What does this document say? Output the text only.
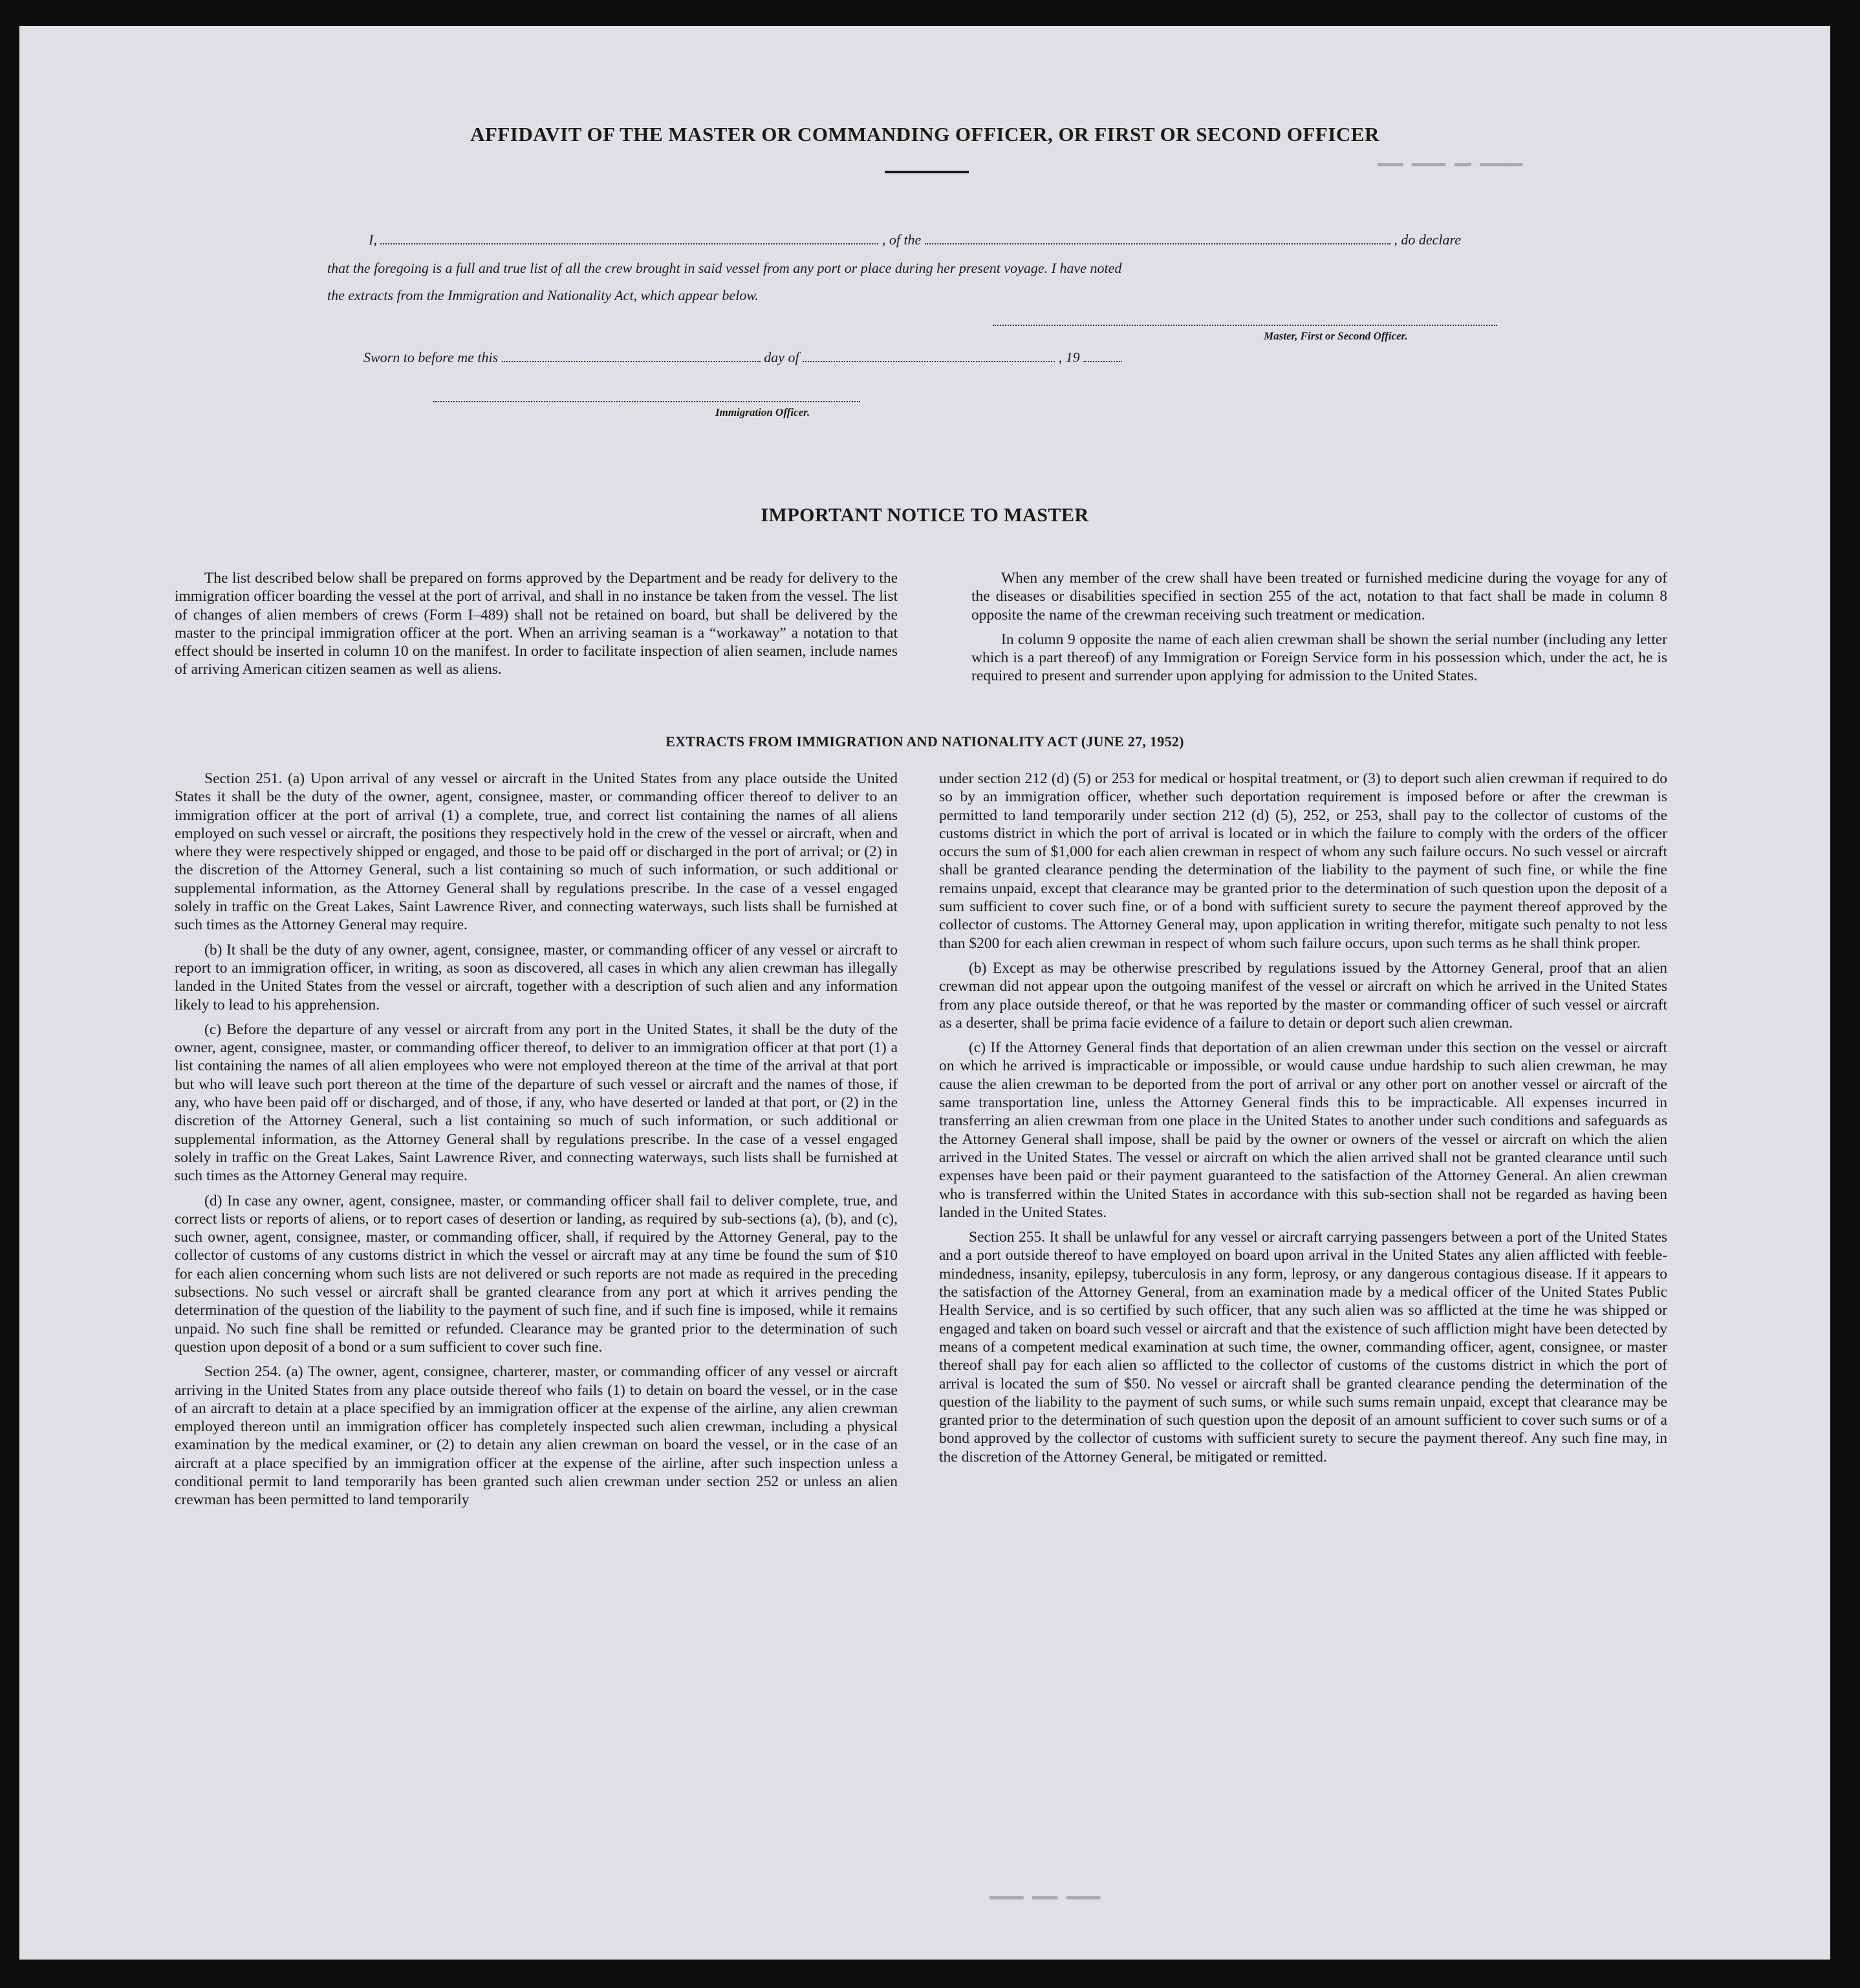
▬▬▬ ▬▬▬▬ ▬▬ ▬▬▬▬▬
▬▬▬▬ ▬▬▬ ▬▬▬▬
AFFIDAVIT OF THE MASTER OR COMMANDING OFFICER, OR FIRST OR SECOND OFFICER
I,	, of the	, do declare
that the foregoing is a full and true list of all the crew brought in said vessel from any port or place during her present voyage. I have noted
the extracts from the Immigration and Nationality Act, which appear below.
Master, First or Second Officer.
Sworn to before me this	day of	, 19
Immigration Officer.
IMPORTANT NOTICE TO MASTER

The list described below shall be prepared on forms approved by the Department and be ready for delivery to the immigration officer boarding the vessel at the port of arrival, and shall in no instance be taken from the vessel. The list of changes of alien members of crews (Form I–489) shall not be retained on board, but shall be delivered by the master to the principal immigration officer at the port. When an arriving seaman is a “workaway” a notation to that effect should be inserted in column 10 on the manifest. In order to facilitate inspection of alien seamen, include names of arriving American citizen seamen as well as aliens.

When any member of the crew shall have been treated or furnished medicine during the voyage for any of the diseases or disabilities specified in section 255 of the act, notation to that fact shall be made in column 8 opposite the name of the crewman receiving such treatment or medication.

In column 9 opposite the name of each alien crewman shall be shown the serial number (including any letter which is a part thereof) of any Immigration or Foreign Service form in his possession which, under the act, he is required to present and surrender upon applying for admission to the United States.

EXTRACTS FROM IMMIGRATION AND NATIONALITY ACT (JUNE 27, 1952)

Section 251. (a) Upon arrival of any vessel or aircraft in the United States from any place outside the United States it shall be the duty of the owner, agent, consignee, master, or commanding officer thereof to deliver to an immigration officer at the port of arrival (1) a complete, true, and correct list containing the names of all aliens employed on such vessel or aircraft, the positions they respectively hold in the crew of the vessel or aircraft, when and where they were respectively shipped or engaged, and those to be paid off or discharged in the port of arrival; or (2) in the discretion of the Attorney General, such a list containing so much of such information, or such additional or supplemental information, as the Attorney General shall by regulations prescribe. In the case of a vessel engaged solely in traffic on the Great Lakes, Saint Lawrence River, and connecting waterways, such lists shall be furnished at such times as the Attorney General may require.

(b) It shall be the duty of any owner, agent, consignee, master, or commanding officer of any vessel or aircraft to report to an immigration officer, in writing, as soon as discovered, all cases in which any alien crewman has illegally landed in the United States from the vessel or aircraft, together with a description of such alien and any information likely to lead to his apprehension.

(c) Before the departure of any vessel or aircraft from any port in the United States, it shall be the duty of the owner, agent, consignee, master, or commanding officer thereof, to deliver to an immigration officer at that port (1) a list containing the names of all alien employees who were not employed thereon at the time of the arrival at that port but who will leave such port thereon at the time of the departure of such vessel or aircraft and the names of those, if any, who have been paid off or discharged, and of those, if any, who have deserted or landed at that port, or (2) in the discretion of the Attorney General, such a list containing so much of such information, or such additional or supplemental information, as the Attorney General shall by regulations prescribe. In the case of a vessel engaged solely in traffic on the Great Lakes, Saint Lawrence River, and connecting waterways, such lists shall be furnished at such times as the Attorney General may require.

(d) In case any owner, agent, consignee, master, or commanding officer shall fail to deliver complete, true, and correct lists or reports of aliens, or to report cases of desertion or landing, as required by sub-sections (a), (b), and (c), such owner, agent, consignee, master, or commanding officer, shall, if required by the Attorney General, pay to the collector of customs of any customs district in which the vessel or aircraft may at any time be found the sum of $10 for each alien concerning whom such lists are not delivered or such reports are not made as required in the preceding subsections. No such vessel or aircraft shall be granted clearance from any port at which it arrives pending the determination of the question of the liability to the payment of such fine, and if such fine is imposed, while it remains unpaid. No such fine shall be remitted or refunded. Clearance may be granted prior to the determination of such question upon deposit of a bond or a sum sufficient to cover such fine.

Section 254. (a) The owner, agent, consignee, charterer, master, or commanding officer of any vessel or aircraft arriving in the United States from any place outside thereof who fails (1) to detain on board the vessel, or in the case of an aircraft to detain at a place specified by an immigration officer at the expense of the airline, any alien crewman employed thereon until an immigration officer has completely inspected such alien crewman, including a physical examination by the medical examiner, or (2) to detain any alien crewman on board the vessel, or in the case of an aircraft at a place specified by an immigration officer at the expense of the airline, after such inspection unless a conditional permit to land temporarily has been granted such alien crewman under section 252 or unless an alien crewman has been permitted to land temporarily

under section 212 (d) (5) or 253 for medical or hospital treatment, or (3) to deport such alien crewman if required to do so by an immigration officer, whether such deportation requirement is imposed before or after the crewman is permitted to land temporarily under section 212 (d) (5), 252, or 253, shall pay to the collector of customs of the customs district in which the port of arrival is located or in which the failure to comply with the orders of the officer occurs the sum of $1,000 for each alien crewman in respect of whom any such failure occurs. No such vessel or aircraft shall be granted clearance pending the determination of the liability to the payment of such fine, or while the fine remains unpaid, except that clearance may be granted prior to the determination of such question upon the deposit of a sum sufficient to cover such fine, or of a bond with sufficient surety to secure the payment thereof approved by the collector of customs. The Attorney General may, upon application in writing therefor, mitigate such penalty to not less than $200 for each alien crewman in respect of whom such failure occurs, upon such terms as he shall think proper.

(b) Except as may be otherwise prescribed by regulations issued by the Attorney General, proof that an alien crewman did not appear upon the outgoing manifest of the vessel or aircraft on which he arrived in the United States from any place outside thereof, or that he was reported by the master or commanding officer of such vessel or aircraft as a deserter, shall be prima facie evidence of a failure to detain or deport such alien crewman.

(c) If the Attorney General finds that deportation of an alien crewman under this section on the vessel or aircraft on which he arrived is impracticable or impossible, or would cause undue hardship to such alien crewman, he may cause the alien crewman to be deported from the port of arrival or any other port on another vessel or aircraft of the same transportation line, unless the Attorney General finds this to be impracticable. All expenses incurred in transferring an alien crewman from one place in the United States to another under such conditions and safeguards as the Attorney General shall impose, shall be paid by the owner or owners of the vessel or aircraft on which the alien arrived in the United States. The vessel or aircraft on which the alien arrived shall not be granted clearance until such expenses have been paid or their payment guaranteed to the satisfaction of the Attorney General. An alien crewman who is transferred within the United States in accordance with this sub-section shall not be regarded as having been landed in the United States.

Section 255. It shall be unlawful for any vessel or aircraft carrying passengers between a port of the United States and a port outside thereof to have employed on board upon arrival in the United States any alien afflicted with feeble-mindedness, insanity, epilepsy, tuberculosis in any form, leprosy, or any dangerous contagious disease. If it appears to the satisfaction of the Attorney General, from an examination made by a medical officer of the United States Public Health Service, and is so certified by such officer, that any such alien was so afflicted at the time he was shipped or engaged and taken on board such vessel or aircraft and that the existence of such affliction might have been detected by means of a competent medical examination at such time, the owner, commanding officer, agent, consignee, or master thereof shall pay for each alien so afflicted to the collector of customs of the customs district in which the port of arrival is located the sum of $50. No vessel or aircraft shall be granted clearance pending the determination of the question of the liability to the payment of such sums, or while such sums remain unpaid, except that clearance may be granted prior to the determination of such question upon the deposit of an amount sufficient to cover such sums or of a bond approved by the collector of customs with sufficient surety to secure the payment thereof. Any such fine may, in the discretion of the Attorney General, be mitigated or remitted.
